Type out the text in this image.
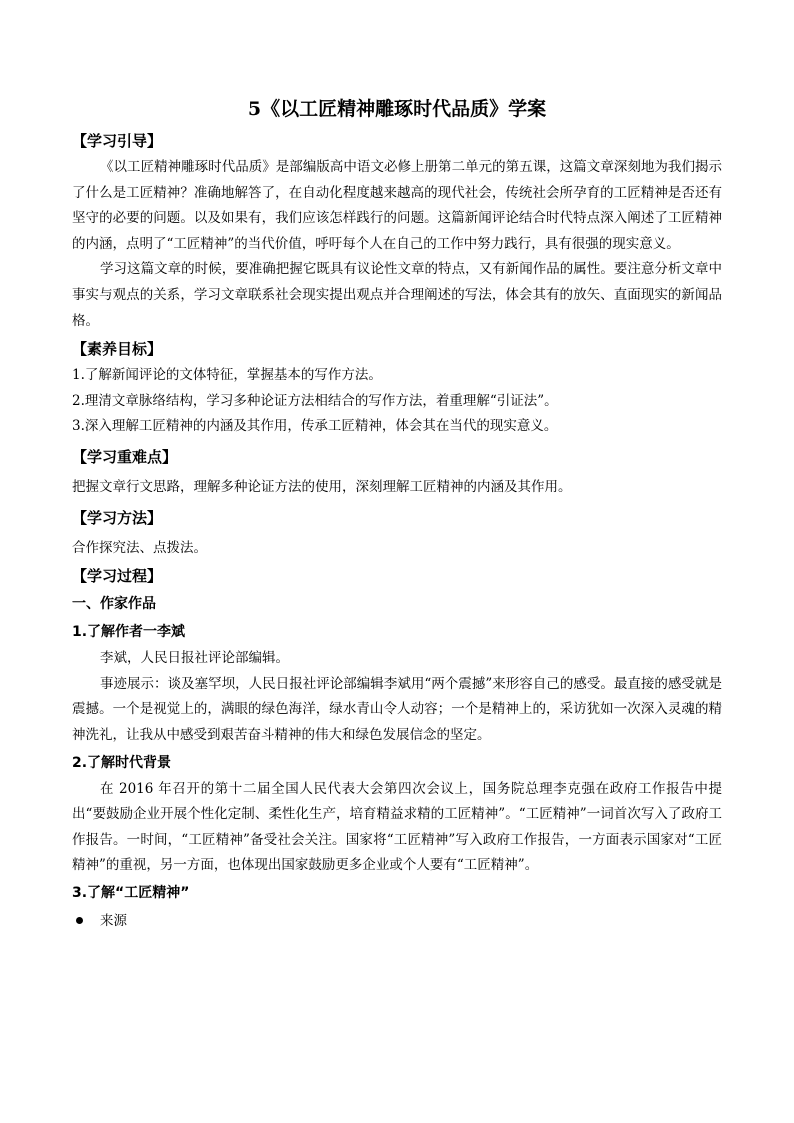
5《以工匠精神雕琢时代品质》学案
【学习引导】

《以工匠精神雕琢时代品质》是部编版高中语文必修上册第二单元的第五课，这篇文章深刻地为我们揭示了什么是工匠精神？准确地解答了，在自动化程度越来越高的现代社会，传统社会所孕育的工匠精神是否还有坚守的必要的问题。以及如果有，我们应该怎样践行的问题。这篇新闻评论结合时代特点深入阐述了工匠精神的内涵，点明了“工匠精神”的当代价值，呼吁每个人在自己的工作中努力践行，具有很强的现实意义。

学习这篇文章的时候，要准确把握它既具有议论性文章的特点，又有新闻作品的属性。要注意分析文章中事实与观点的关系，学习文章联系社会现实提出观点并合理阐述的写法，体会其有的放矢、直面现实的新闻品格。

【素养目标】

1.了解新闻评论的文体特征，掌握基本的写作方法。

2.理清文章脉络结构，学习多种论证方法相结合的写作方法，着重理解“引证法”。

3.深入理解工匠精神的内涵及其作用，传承工匠精神，体会其在当代的现实意义。

【学习重难点】

把握文章行文思路，理解多种论证方法的使用，深刻理解工匠精神的内涵及其作用。

【学习方法】

合作探究法、点拨法。

【学习过程】
一、作家作品
1.了解作者一李斌

李斌，人民日报社评论部编辑。

事迹展示：谈及塞罕坝，人民日报社评论部编辑李斌用“两个震撼”来形容自己的感受。最直接的感受就是震撼。一个是视觉上的，满眼的绿色海洋，绿水青山令人动容；一个是精神上的，采访犹如一次深入灵魂的精神洗礼，让我从中感受到艰苦奋斗精神的伟大和绿色发展信念的坚定。

2.了解时代背景

在 2016 年召开的第十二届全国人民代表大会第四次会议上，国务院总理李克强在政府工作报告中提出“要鼓励企业开展个性化定制、柔性化生产，培育精益求精的工匠精神”。“工匠精神”一词首次写入了政府工作报告。一时间，“工匠精神”备受社会关注。国家将“工匠精神”写入政府工作报告，一方面表示国家对“工匠精神”的重视，另一方面，也体现出国家鼓励更多企业或个人要有“工匠精神”。

3.了解“工匠精神”
来源
